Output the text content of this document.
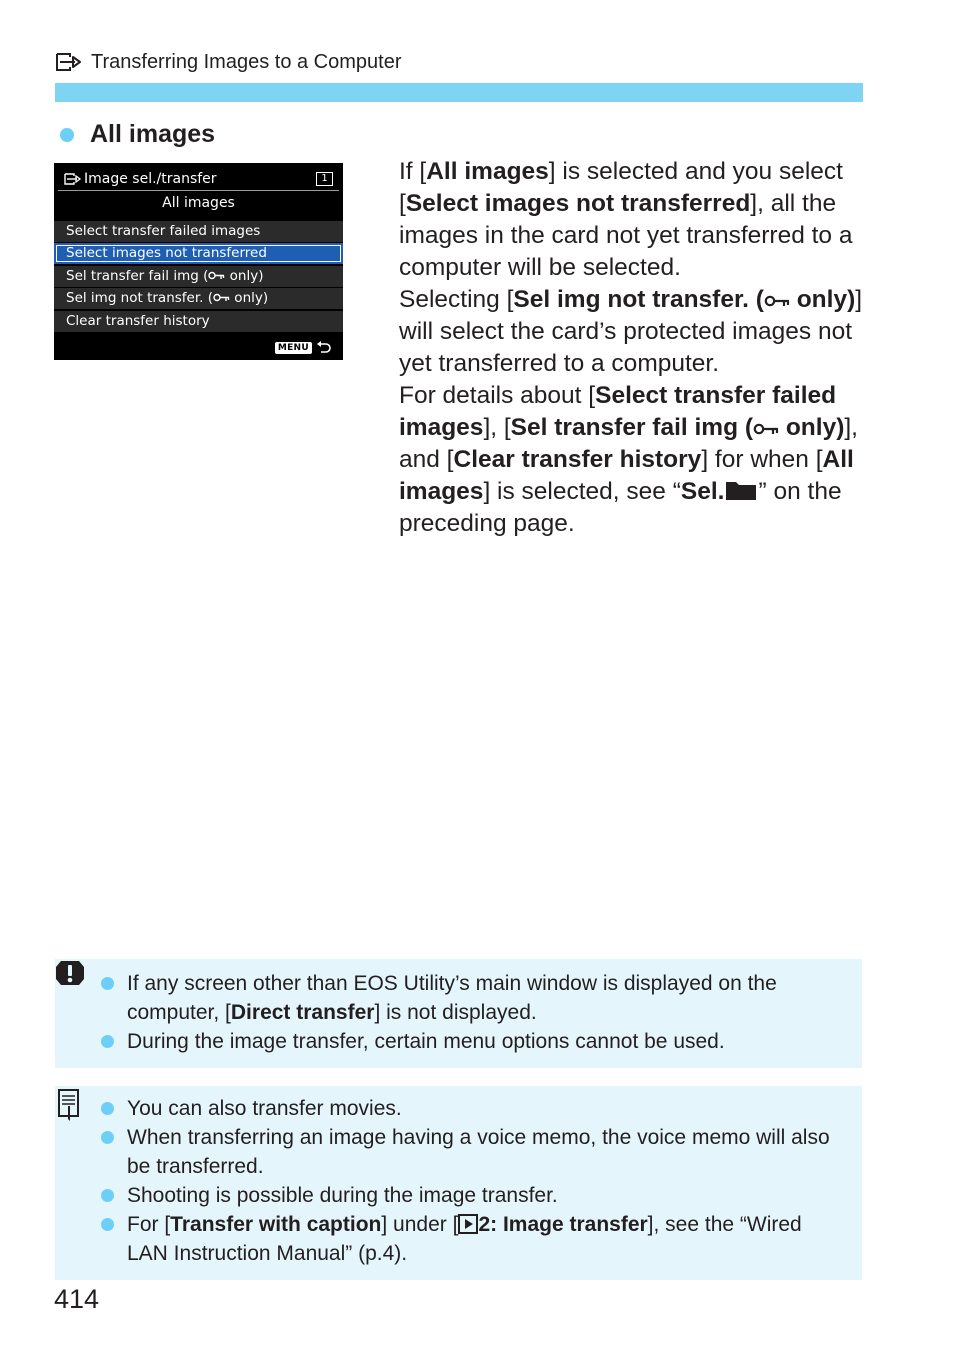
Transferring Images to a Computer
All images
Image sel./transfer	1
All images
Select transfer failed images
Select images not transferred
Sel transfer fail img ( only)
Sel img not transfer. ( only)
Clear transfer history
MENU

If [All images] is selected and you select [Select images not transferred], all the images in the card not yet transferred to a computer will be selected.

Selecting [Sel img not transfer. ( only)] will select the card’s protected images not yet transferred to a computer.

For details about [Select transfer failed images], [Sel transfer fail img ( only)], and [Clear transfer history] for when [All images] is selected, see “Sel. ” on the preceding page.

If any screen other than EOS Utility’s main window is displayed on the computer, [Direct transfer] is not displayed.
During the image transfer, certain menu options cannot be used.
You can also transfer movies.
When transferring an image having a voice memo, the voice memo will also be transferred.
Shooting is possible during the image transfer.
For [Transfer with caption] under [ 2: Image transfer], see the “Wired LAN Instruction Manual” (p.4).
414
